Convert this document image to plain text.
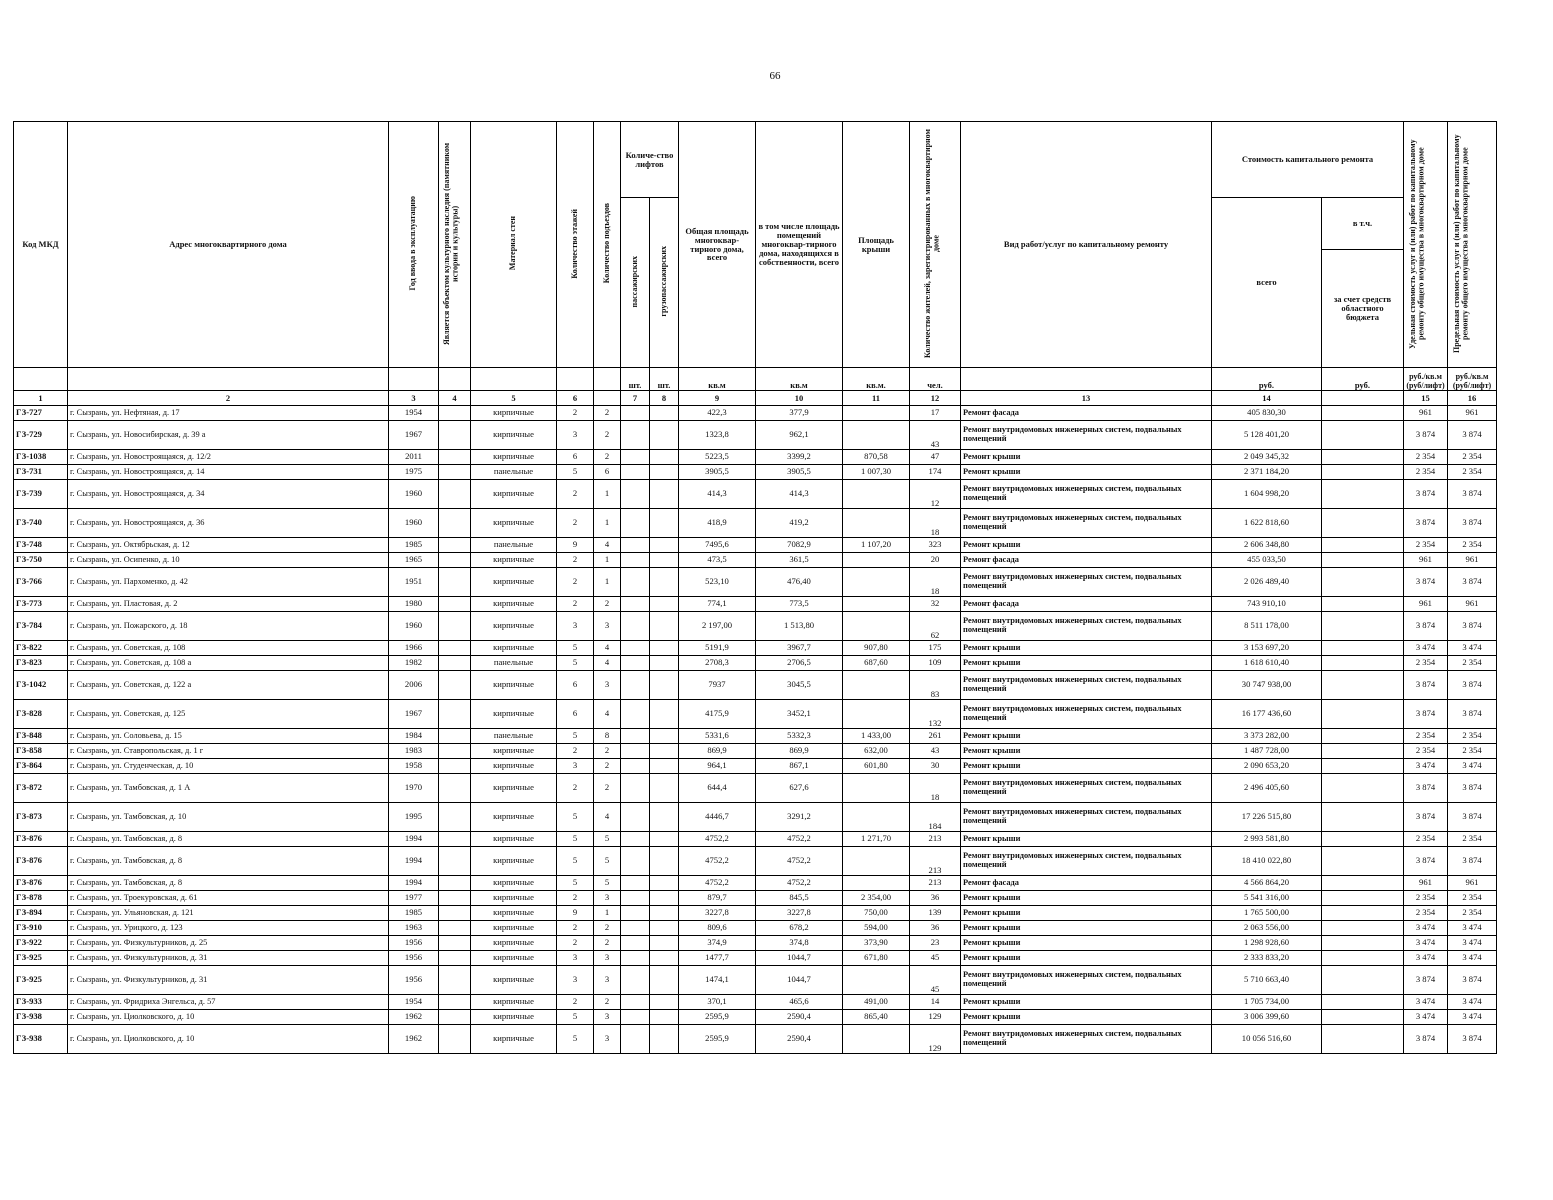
66
Код МКД	Адрес многоквартирного дома	Год ввода в эксплуатацию	Является объектом культурного наследия (памятником истории и культуры)	Материал стен	Количество этажей	Количество подъездов	Количе-ство лифтов		Общая площадь многоквар-тирного дома, всего	в том числе площадь помещений многоквар-тирного дома, находящихся в собственности, всего	Площадь крыши	Количество жителей, зарегистрированных в многоквартирном доме	Вид работ/услуг по капитальному ремонту	Стоимость капитального ремонта		Удельная стоимость услуг и (или) работ по капитальному ремонту общего имущества в многоквартирном доме	Предельная стоимость услуг и (или) работ по капитальному ремонту общего имущества в многоквартирном доме
							пассажирских	грузопассажирских						всего	в т.ч.		
															за счет средств областного бюджета		
							шт.	шт.	кв.м	кв.м	кв.м.	чел.		руб.	руб.	руб./кв.м (руб/лифт)	руб./кв.м (руб/лифт)
1	2	3	4	5	6		7	8	9	10	11	12	13	14		15	16
ГЗ-727	г. Сызрань, ул. Нефтяная, д. 17	1954		кирпичные	2	2			422,3	377,9		17	Ремонт фасада	405 830,30		961	961
ГЗ-729	г. Сызрань, ул. Новосибирская, д. 39 а	1967		кирпичные	3	2			1323,8	962,1		43	Ремонт внутридомовых инженерных систем, подвальных помещений	5 128 401,20		3 874	3 874
ГЗ-1038	г. Сызрань, ул. Новостроящаяся, д. 12/2	2011		кирпичные	6	2			5223,5	3399,2	870,58	47	Ремонт крыши	2 049 345,32		2 354	2 354
ГЗ-731	г. Сызрань, ул. Новостроящаяся, д. 14	1975		панельные	5	6			3905,5	3905,5	1 007,30	174	Ремонт крыши	2 371 184,20		2 354	2 354
ГЗ-739	г. Сызрань, ул. Новостроящаяся, д. 34	1960		кирпичные	2	1			414,3	414,3		12	Ремонт внутридомовых инженерных систем, подвальных помещений	1 604 998,20		3 874	3 874
ГЗ-740	г. Сызрань, ул. Новостроящаяся, д. 36	1960		кирпичные	2	1			418,9	419,2		18	Ремонт внутридомовых инженерных систем, подвальных помещений	1 622 818,60		3 874	3 874
ГЗ-748	г. Сызрань, ул. Октябрьская, д. 12	1985		панельные	9	4			7495,6	7082,9	1 107,20	323	Ремонт крыши	2 606 348,80		2 354	2 354
ГЗ-750	г. Сызрань, ул. Осипенко, д. 10	1965		кирпичные	2	1			473,5	361,5		20	Ремонт фасада	455 033,50		961	961
ГЗ-766	г. Сызрань, ул. Пархоменко, д. 42	1951		кирпичные	2	1			523,10	476,40		18	Ремонт внутридомовых инженерных систем, подвальных помещений	2 026 489,40		3 874	3 874
ГЗ-773	г. Сызрань, ул. Пластовая, д. 2	1980		кирпичные	2	2			774,1	773,5		32	Ремонт фасада	743 910,10		961	961
ГЗ-784	г. Сызрань, ул. Пожарского, д. 18	1960		кирпичные	3	3			2 197,00	1 513,80		62	Ремонт внутридомовых инженерных систем, подвальных помещений	8 511 178,00		3 874	3 874
ГЗ-822	г. Сызрань, ул. Советская, д. 108	1966		кирпичные	5	4			5191,9	3967,7	907,80	175	Ремонт крыши	3 153 697,20		3 474	3 474
ГЗ-823	г. Сызрань, ул. Советская, д. 108 а	1982		панельные	5	4			2708,3	2706,5	687,60	109	Ремонт крыши	1 618 610,40		2 354	2 354
ГЗ-1042	г. Сызрань, ул. Советская, д. 122 а	2006		кирпичные	6	3			7937	3045,5		83	Ремонт внутридомовых инженерных систем, подвальных помещений	30 747 938,00		3 874	3 874
ГЗ-828	г. Сызрань, ул. Советская, д. 125	1967		кирпичные	6	4			4175,9	3452,1		132	Ремонт внутридомовых инженерных систем, подвальных помещений	16 177 436,60		3 874	3 874
ГЗ-848	г. Сызрань, ул. Соловьева, д. 15	1984		панельные	5	8			5331,6	5332,3	1 433,00	261	Ремонт крыши	3 373 282,00		2 354	2 354
ГЗ-858	г. Сызрань, ул. Ставропольская, д. 1 г	1983		кирпичные	2	2			869,9	869,9	632,00	43	Ремонт крыши	1 487 728,00		2 354	2 354
ГЗ-864	г. Сызрань, ул. Студенческая, д. 10	1958		кирпичные	3	2			964,1	867,1	601,80	30	Ремонт крыши	2 090 653,20		3 474	3 474
ГЗ-872	г. Сызрань, ул. Тамбовская, д. 1 А	1970		кирпичные	2	2			644,4	627,6		18	Ремонт внутридомовых инженерных систем, подвальных помещений	2 496 405,60		3 874	3 874
ГЗ-873	г. Сызрань, ул. Тамбовская, д. 10	1995		кирпичные	5	4			4446,7	3291,2		184	Ремонт внутридомовых инженерных систем, подвальных помещений	17 226 515,80		3 874	3 874
ГЗ-876	г. Сызрань, ул. Тамбовская, д. 8	1994		кирпичные	5	5			4752,2	4752,2	1 271,70	213	Ремонт крыши	2 993 581,80		2 354	2 354
ГЗ-876	г. Сызрань, ул. Тамбовская, д. 8	1994		кирпичные	5	5			4752,2	4752,2		213	Ремонт внутридомовых инженерных систем, подвальных помещений	18 410 022,80		3 874	3 874
ГЗ-876	г. Сызрань, ул. Тамбовская, д. 8	1994		кирпичные	5	5			4752,2	4752,2		213	Ремонт фасада	4 566 864,20		961	961
ГЗ-878	г. Сызрань, ул. Троекуровская, д. 61	1977		кирпичные	2	3			879,7	845,5	2 354,00	36	Ремонт крыши	5 541 316,00		2 354	2 354
ГЗ-894	г. Сызрань, ул. Ульяновская, д. 121	1985		кирпичные	9	1			3227,8	3227,8	750,00	139	Ремонт крыши	1 765 500,00		2 354	2 354
ГЗ-910	г. Сызрань, ул. Урицкого, д. 123	1963		кирпичные	2	2			809,6	678,2	594,00	36	Ремонт крыши	2 063 556,00		3 474	3 474
ГЗ-922	г. Сызрань, ул. Физкультурников, д. 25	1956		кирпичные	2	2			374,9	374,8	373,90	23	Ремонт крыши	1 298 928,60		3 474	3 474
ГЗ-925	г. Сызрань, ул. Физкультурников, д. 31	1956		кирпичные	3	3			1477,7	1044,7	671,80	45	Ремонт крыши	2 333 833,20		3 474	3 474
ГЗ-925	г. Сызрань, ул. Физкультурников, д. 31	1956		кирпичные	3	3			1474,1	1044,7		45	Ремонт внутридомовых инженерных систем, подвальных помещений	5 710 663,40		3 874	3 874
ГЗ-933	г. Сызрань, ул. Фридриха Энгельса, д. 57	1954		кирпичные	2	2			370,1	465,6	491,00	14	Ремонт крыши	1 705 734,00		3 474	3 474
ГЗ-938	г. Сызрань, ул. Циолковского, д. 10	1962		кирпичные	5	3			2595,9	2590,4	865,40	129	Ремонт крыши	3 006 399,60		3 474	3 474
ГЗ-938	г. Сызрань, ул. Циолковского, д. 10	1962		кирпичные	5	3			2595,9	2590,4		129	Ремонт внутридомовых инженерных систем, подвальных помещений	10 056 516,60		3 874	3 874
